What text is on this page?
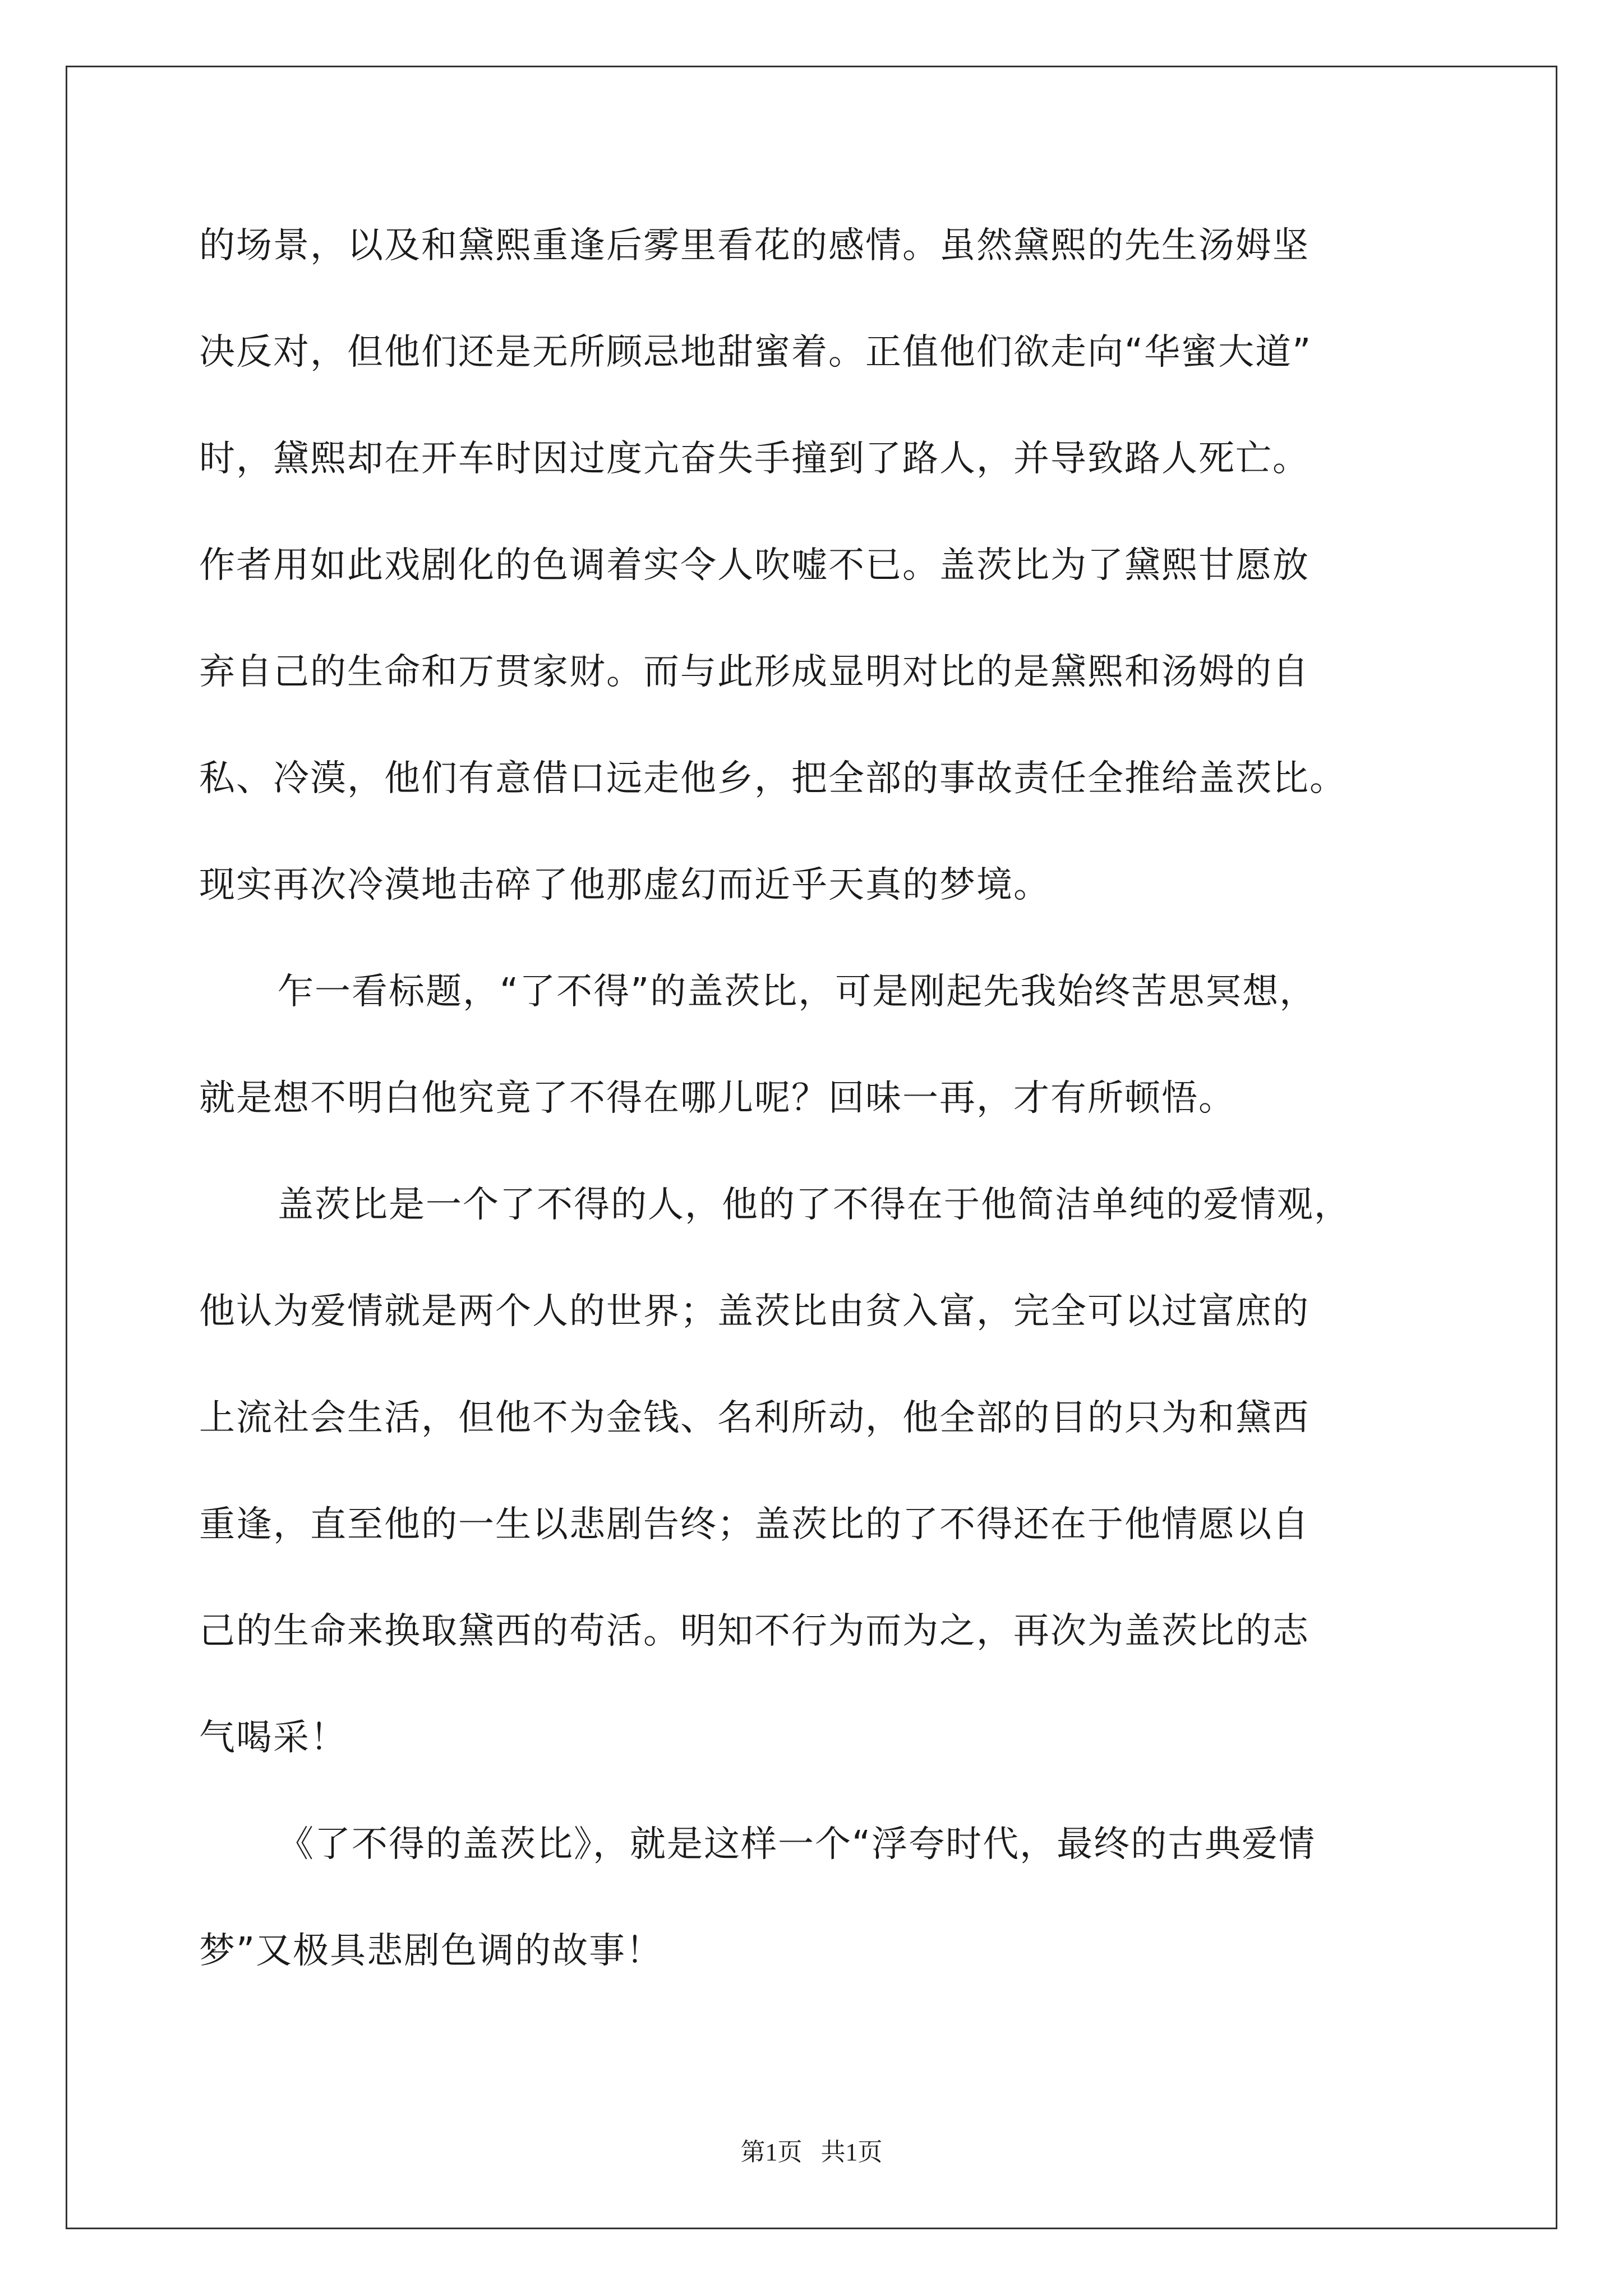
的场景，以及和黛熙重逢后雾里看花的感情。虽然黛熙的先生汤姆坚
决反对，但他们还是无所顾忌地甜蜜着。正值他们欲走向“华蜜大道”
时，黛熙却在开车时因过度亢奋失手撞到了路人，并导致路人死亡。
作者用如此戏剧化的色调着实令人吹嘘不已。盖茨比为了黛熙甘愿放
弃自己的生命和万贯家财。而与此形成显明对比的是黛熙和汤姆的自
私、冷漠，他们有意借口远走他乡，把全部的事故责任全推给盖茨比。
现实再次冷漠地击碎了他那虚幻而近乎天真的梦境。
乍一看标题，“了不得”的盖茨比，可是刚起先我始终苦思冥想，
就是想不明白他究竟了不得在哪儿呢？回味一再，才有所顿悟。
盖茨比是一个了不得的人，他的了不得在于他简洁单纯的爱情观，
他认为爱情就是两个人的世界；盖茨比由贫入富，完全可以过富庶的
上流社会生活，但他不为金钱、名利所动，他全部的目的只为和黛西
重逢，直至他的一生以悲剧告终；盖茨比的了不得还在于他情愿以自
己的生命来换取黛西的苟活。明知不行为而为之，再次为盖茨比的志
气喝采！
《了不得的盖茨比》，就是这样一个“浮夸时代，最终的古典爱情
梦”又极具悲剧色调的故事！
第1页   共1页
